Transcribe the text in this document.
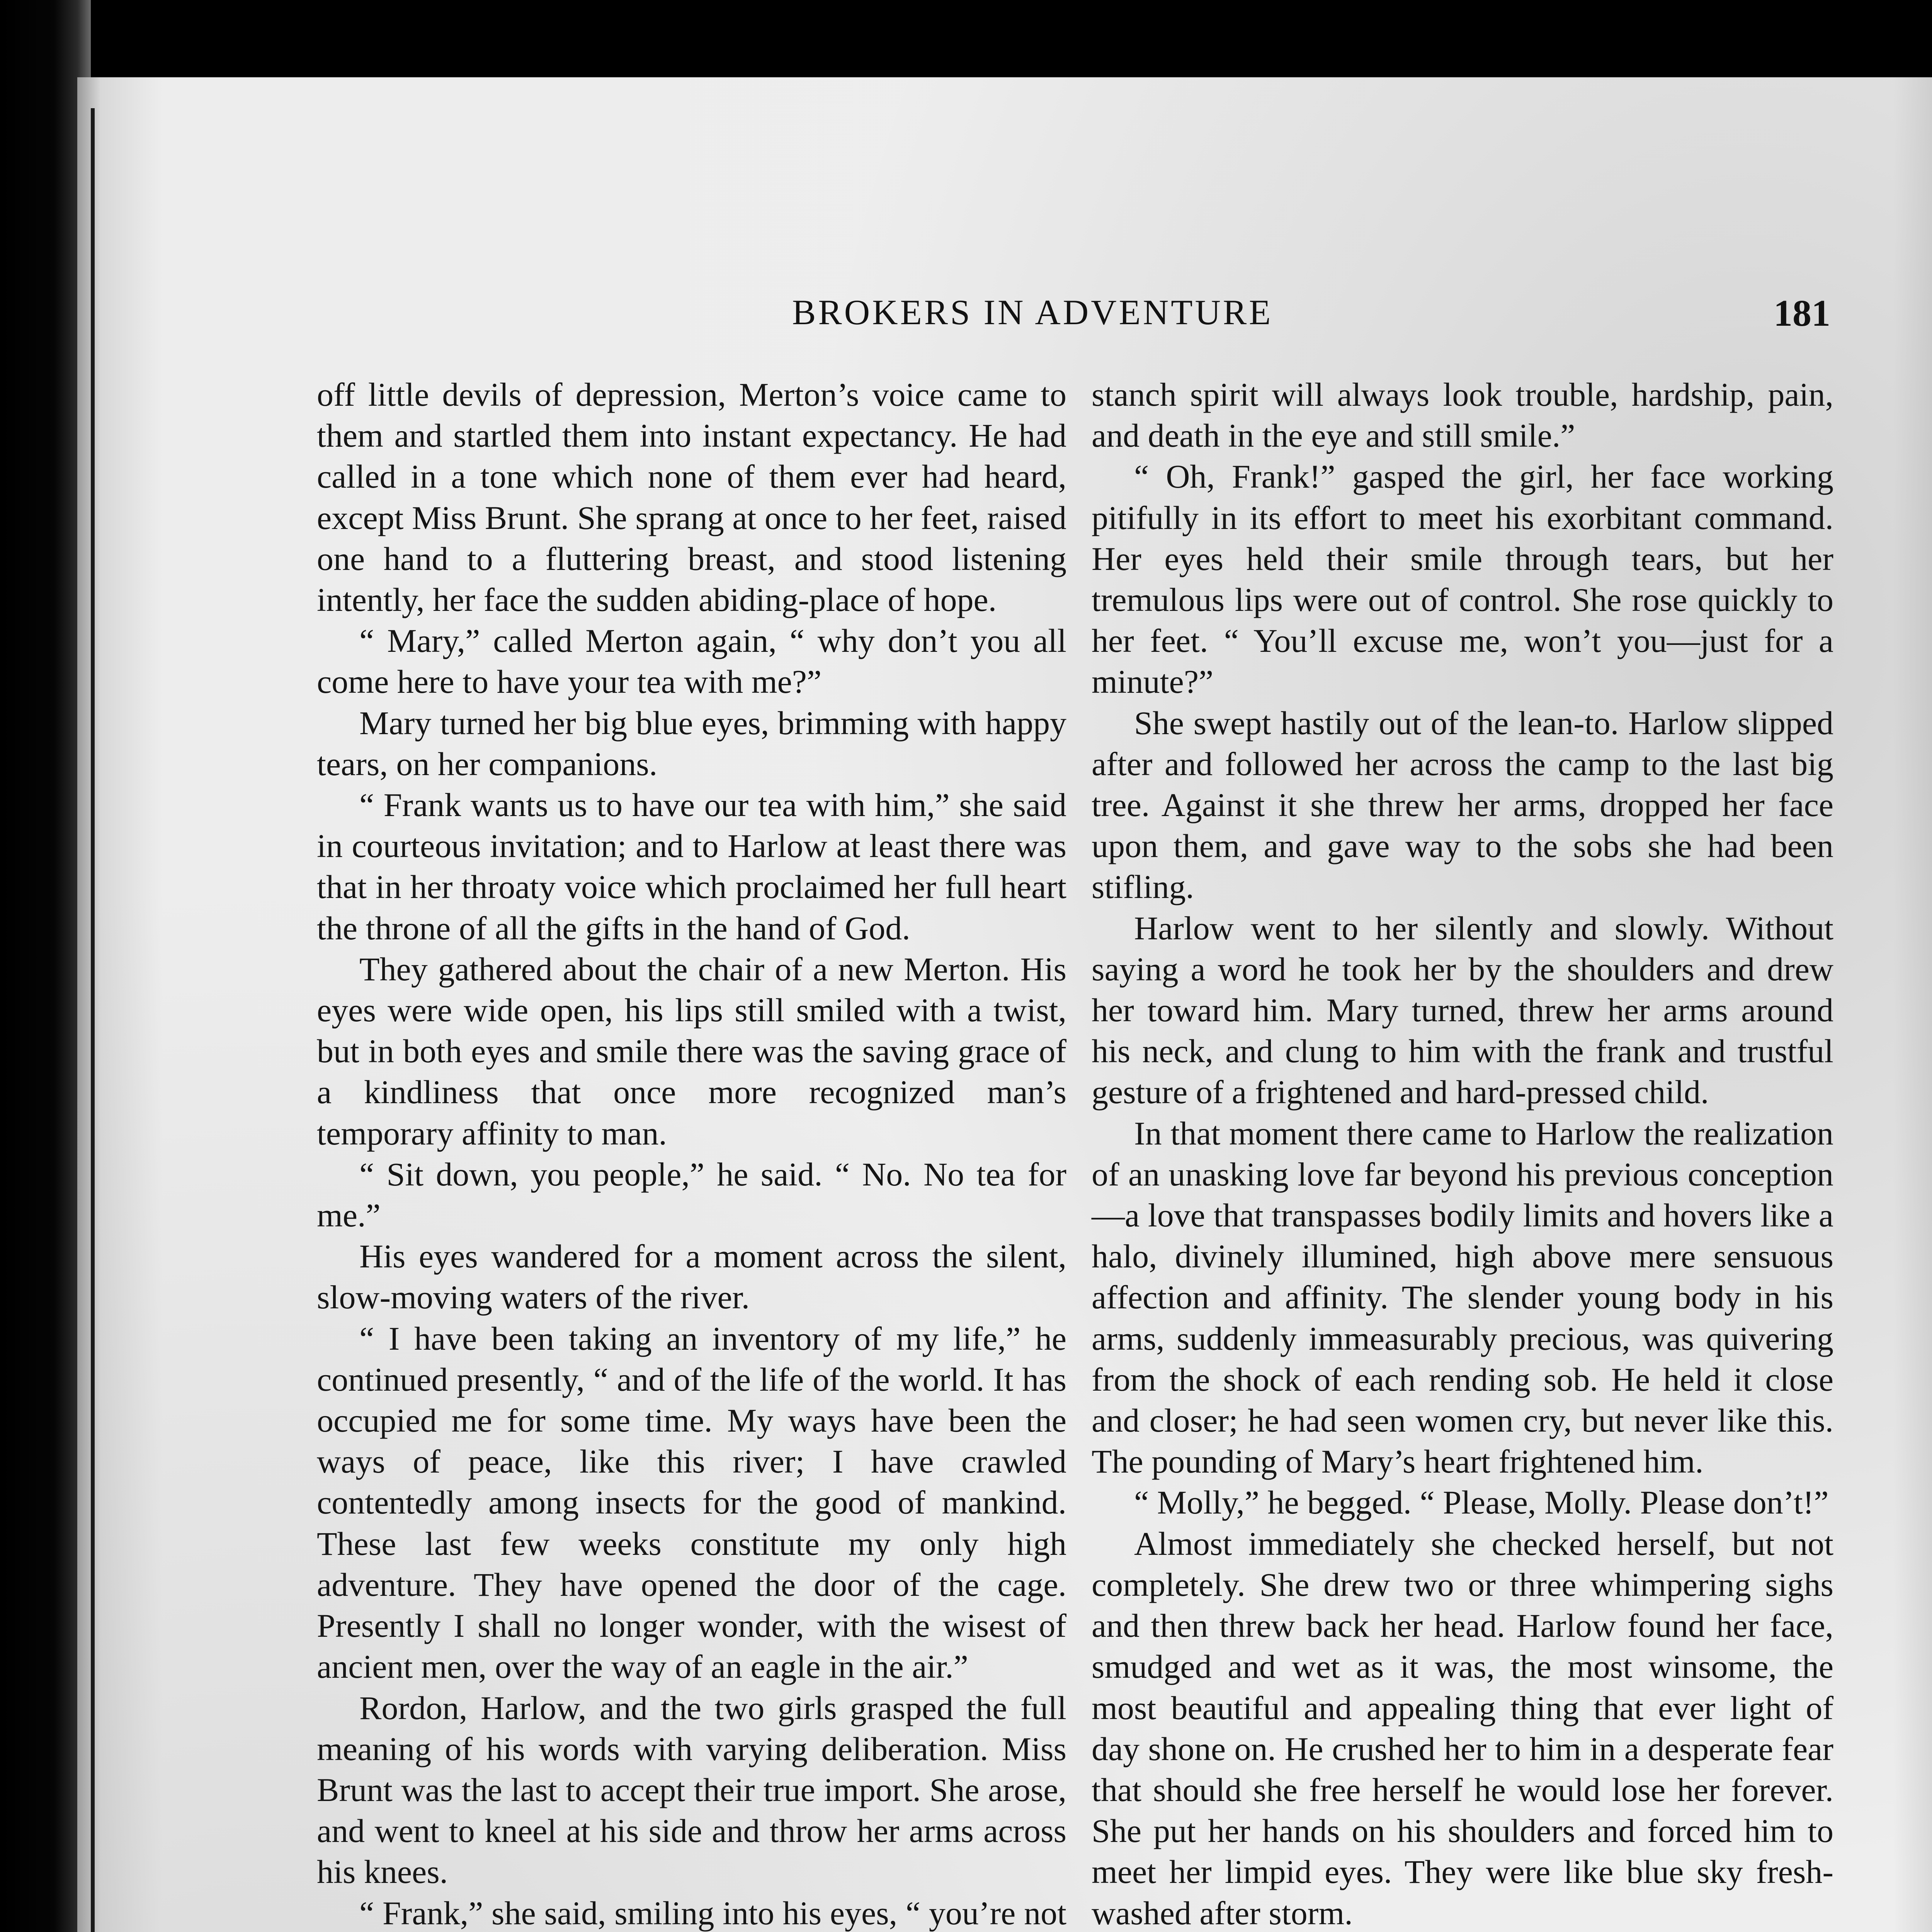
BROKERS IN ADVENTURE	181

off little devils of depression, Merton’s voice came to them and startled them into instant expectancy. He had called in a tone which none of them ever had heard, except Miss Brunt. She sprang at once to her feet, raised one hand to a fluttering breast, and stood listening intently, her face the sudden abiding-place of hope.

“ Mary,” called Merton again, “ why don’t you all come here to have your tea with me?”

Mary turned her big blue eyes, brimming with happy tears, on her companions.

“ Frank wants us to have our tea with him,” she said in courteous invitation; and to Harlow at least there was that in her throaty voice which proclaimed her full heart the throne of all the gifts in the hand of God.

They gathered about the chair of a new Merton. His eyes were wide open, his lips still smiled with a twist, but in both eyes and smile there was the saving grace of a kindliness that once more recognized man’s temporary affinity to man.

“ Sit down, you people,” he said. “ No. No tea for me.”

His eyes wandered for a moment across the silent, slow-moving waters of the river.

“ I have been taking an inventory of my life,” he continued presently, “ and of the life of the world. It has occupied me for some time. My ways have been the ways of peace, like this river; I have crawled contentedly among insects for the good of mankind. These last few weeks constitute my only high adventure. They have opened the door of the cage. Presently I shall no longer wonder, with the wisest of ancient men, over the way of an eagle in the air.”

Rordon, Harlow, and the two girls grasped the full meaning of his words with varying deliberation. Miss Brunt was the last to accept their true import. She arose, and went to kneel at his side and throw her arms across his knees.

“ Frank,” she said, smiling into his eyes, “ you’re not

stanch spirit will always look trouble, hardship, pain, and death in the eye and still smile.”

“ Oh, Frank!” gasped the girl, her face working pitifully in its effort to meet his exorbitant command. Her eyes held their smile through tears, but her tremulous lips were out of control. She rose quickly to her feet. “ You’ll excuse me, won’t you—just for a minute?”

She swept hastily out of the lean-to. Harlow slipped after and followed her across the camp to the last big tree. Against it she threw her arms, dropped her face upon them, and gave way to the sobs she had been stifling.

Harlow went to her silently and slowly. Without saying a word he took her by the shoulders and drew her toward him. Mary turned, threw her arms around his neck, and clung to him with the frank and trustful gesture of a frightened and hard-pressed child.

In that moment there came to Harlow the realization of an unasking love far beyond his previous conception—a love that transpasses bodily limits and hovers like a halo, divinely illumined, high above mere sensuous affection and affinity. The slender young body in his arms, suddenly immeasurably precious, was quivering from the shock of each rending sob. He held it close and closer; he had seen women cry, but never like this. The pounding of Mary’s heart frightened him.

“ Molly,” he begged. “ Please, Molly. Please don’t!”

Almost immediately she checked herself, but not completely. She drew two or three whimpering sighs and then threw back her head. Harlow found her face, smudged and wet as it was, the most winsome, the most beautiful and appealing thing that ever light of day shone on. He crushed her to him in a desperate fear that should she free herself he would lose her forever. She put her hands on his shoulders and forced him to meet her limpid eyes. They were like blue sky fresh-washed after storm.
